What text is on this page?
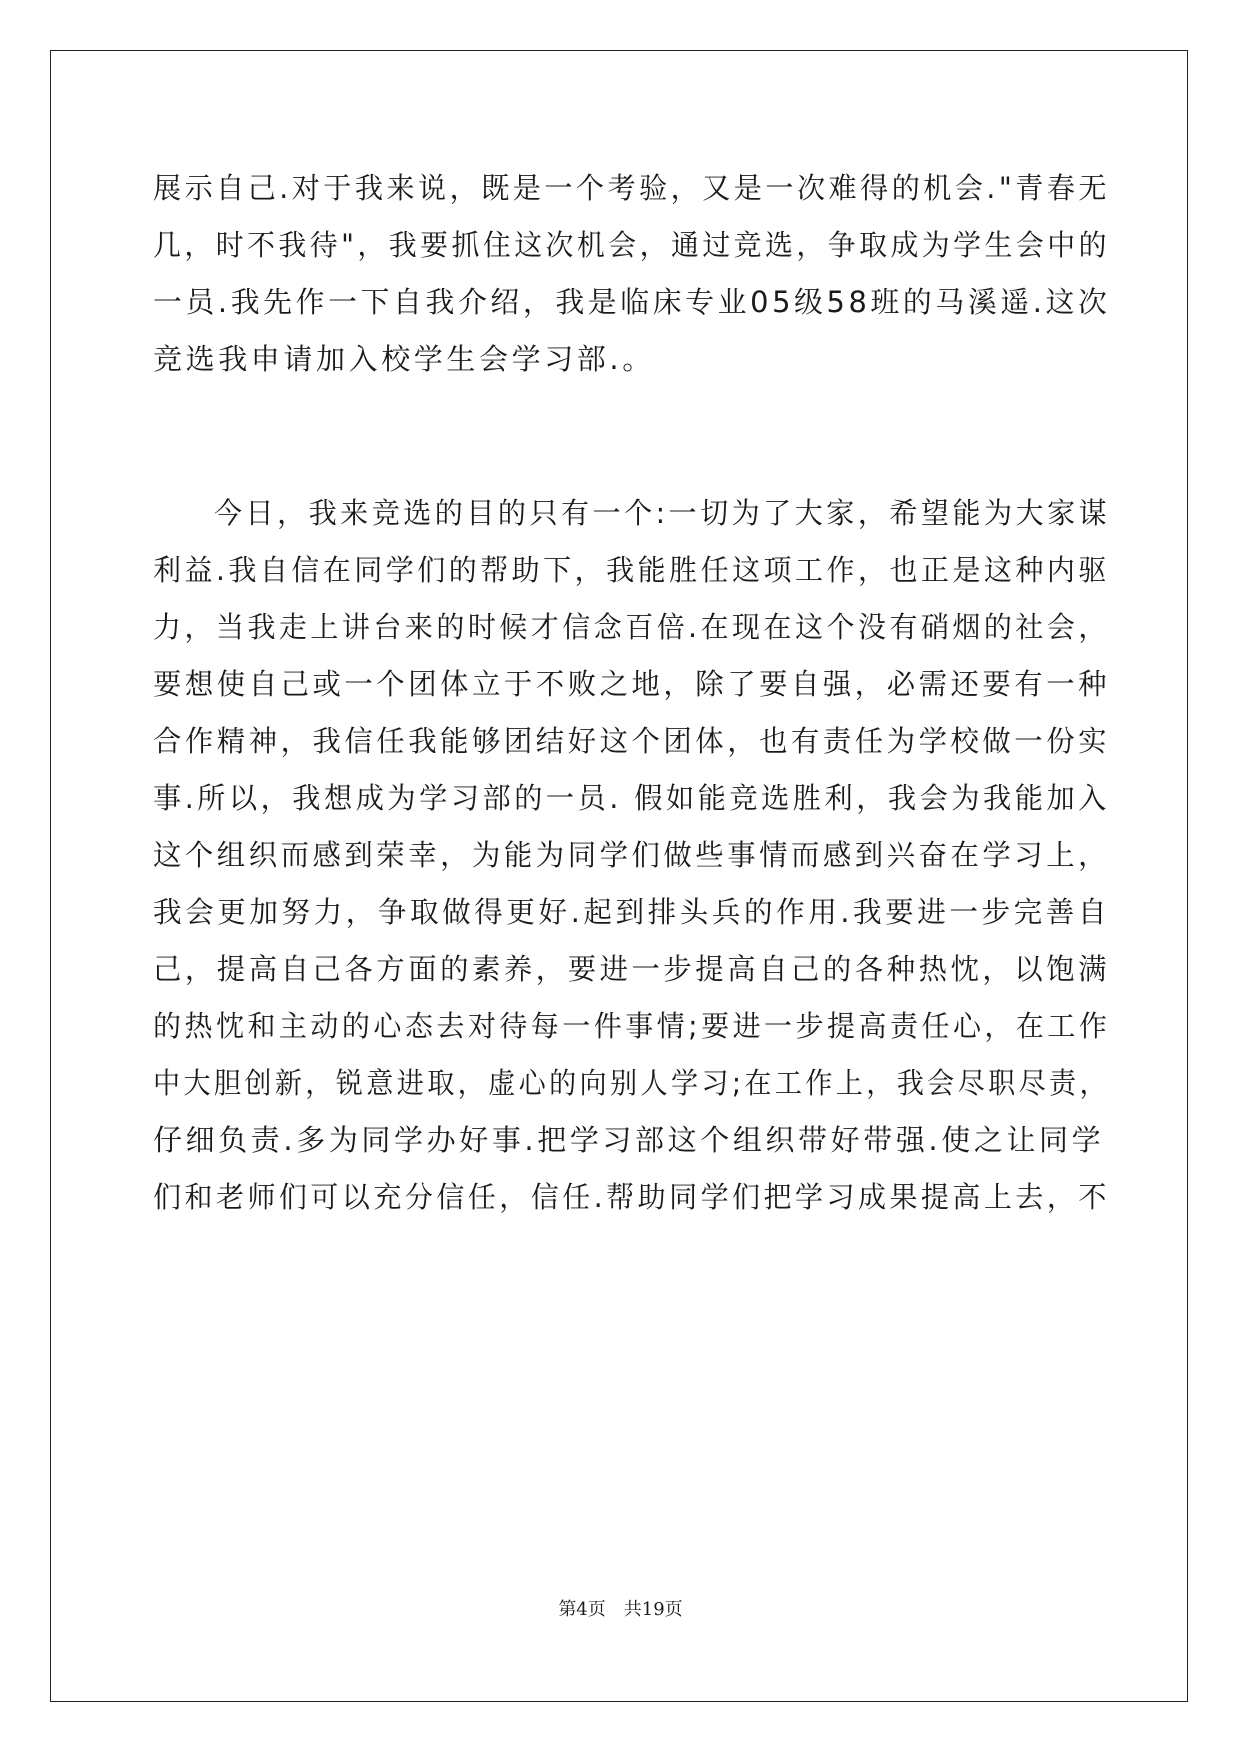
展示自己.对于我来说，既是一个考验，又是一次难得的机会."青春无
几，时不我待"，我要抓住这次机会，通过竞选，争取成为学生会中的
一员.我先作一下自我介绍，我是临床专业05级58班的马溪遥.这次
竞选我申请加入校学生会学习部.。
今日，我来竞选的目的只有一个:一切为了大家，希望能为大家谋
利益.我自信在同学们的帮助下，我能胜任这项工作，也正是这种内驱
力，当我走上讲台来的时候才信念百倍.在现在这个没有硝烟的社会，
要想使自己或一个团体立于不败之地，除了要自强，必需还要有一种
合作精神，我信任我能够团结好这个团体，也有责任为学校做一份实
事.所以，我想成为学习部的一员. 假如能竞选胜利，我会为我能加入
这个组织而感到荣幸，为能为同学们做些事情而感到兴奋在学习上，
我会更加努力，争取做得更好.起到排头兵的作用.我要进一步完善自
己，提高自己各方面的素养，要进一步提高自己的各种热忱，以饱满
的热忱和主动的心态去对待每一件事情;要进一步提高责任心，在工作
中大胆创新，锐意进取，虚心的向别人学习;在工作上，我会尽职尽责，
仔细负责.多为同学办好事.把学习部这个组织带好带强.使之让同学
们和老师们可以充分信任，信任.帮助同学们把学习成果提高上去，不
第4页 共19页
